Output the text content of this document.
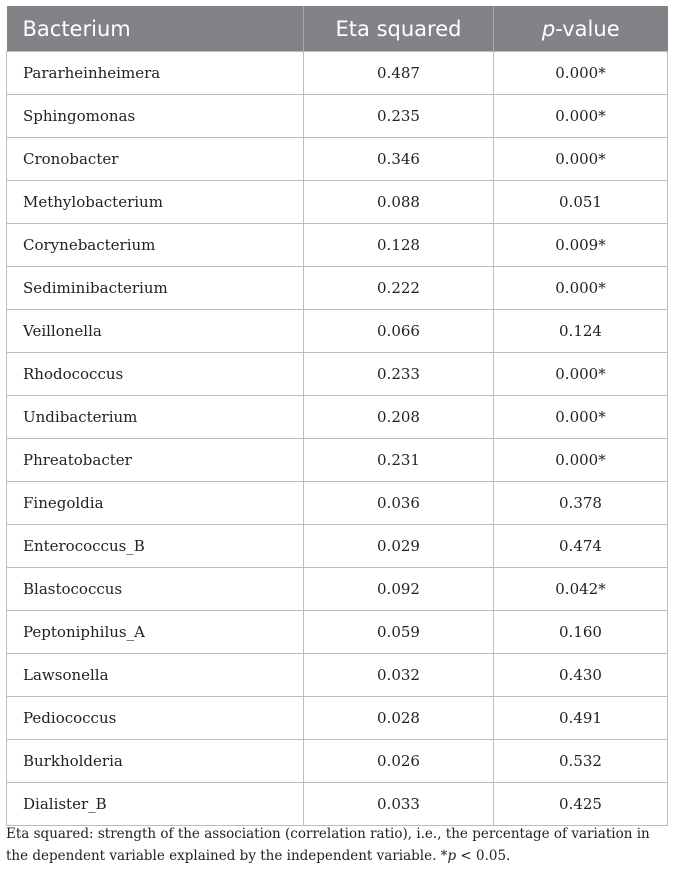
Bacterium	Eta squared	p-value
Pararheinheimera	0.487	0.000*
Sphingomonas	0.235	0.000*
Cronobacter	0.346	0.000*
Methylobacterium	0.088	0.051
Corynebacterium	0.128	0.009*
Sediminibacterium	0.222	0.000*
Veillonella	0.066	0.124
Rhodococcus	0.233	0.000*
Undibacterium	0.208	0.000*
Phreatobacter	0.231	0.000*
Finegoldia	0.036	0.378
Enterococcus_B	0.029	0.474
Blastococcus	0.092	0.042*
Peptoniphilus_A	0.059	0.160
Lawsonella	0.032	0.430
Pediococcus	0.028	0.491
Burkholderia	0.026	0.532
Dialister_B	0.033	0.425
Eta squared: strength of the association (correlation ratio), i.e., the percentage of variation in the dependent variable explained by the independent variable. *p < 0.05.
